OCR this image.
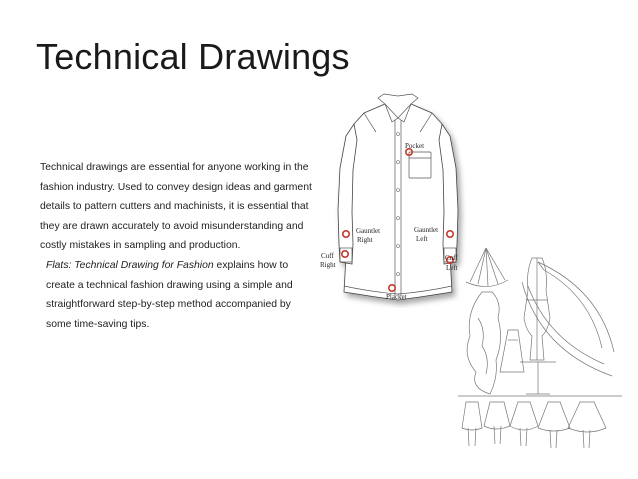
Technical Drawings

Technical drawings are essential for anyone working in the fashion industry. Used to convey design ideas and garment details to pattern cutters and machinists, it is essential that they are drawn accurately to avoid misunderstanding and costly mistakes in sampling and production.

Flats: Technical Drawing for Fashion explains how to create a technical fashion drawing using a simple and straightforward step-by-step method accompanied by some time-saving tips.

Pocket
Gauntlet
Right
Gauntlet
Left
Cuff
Right
Cuff
Left
Placket
